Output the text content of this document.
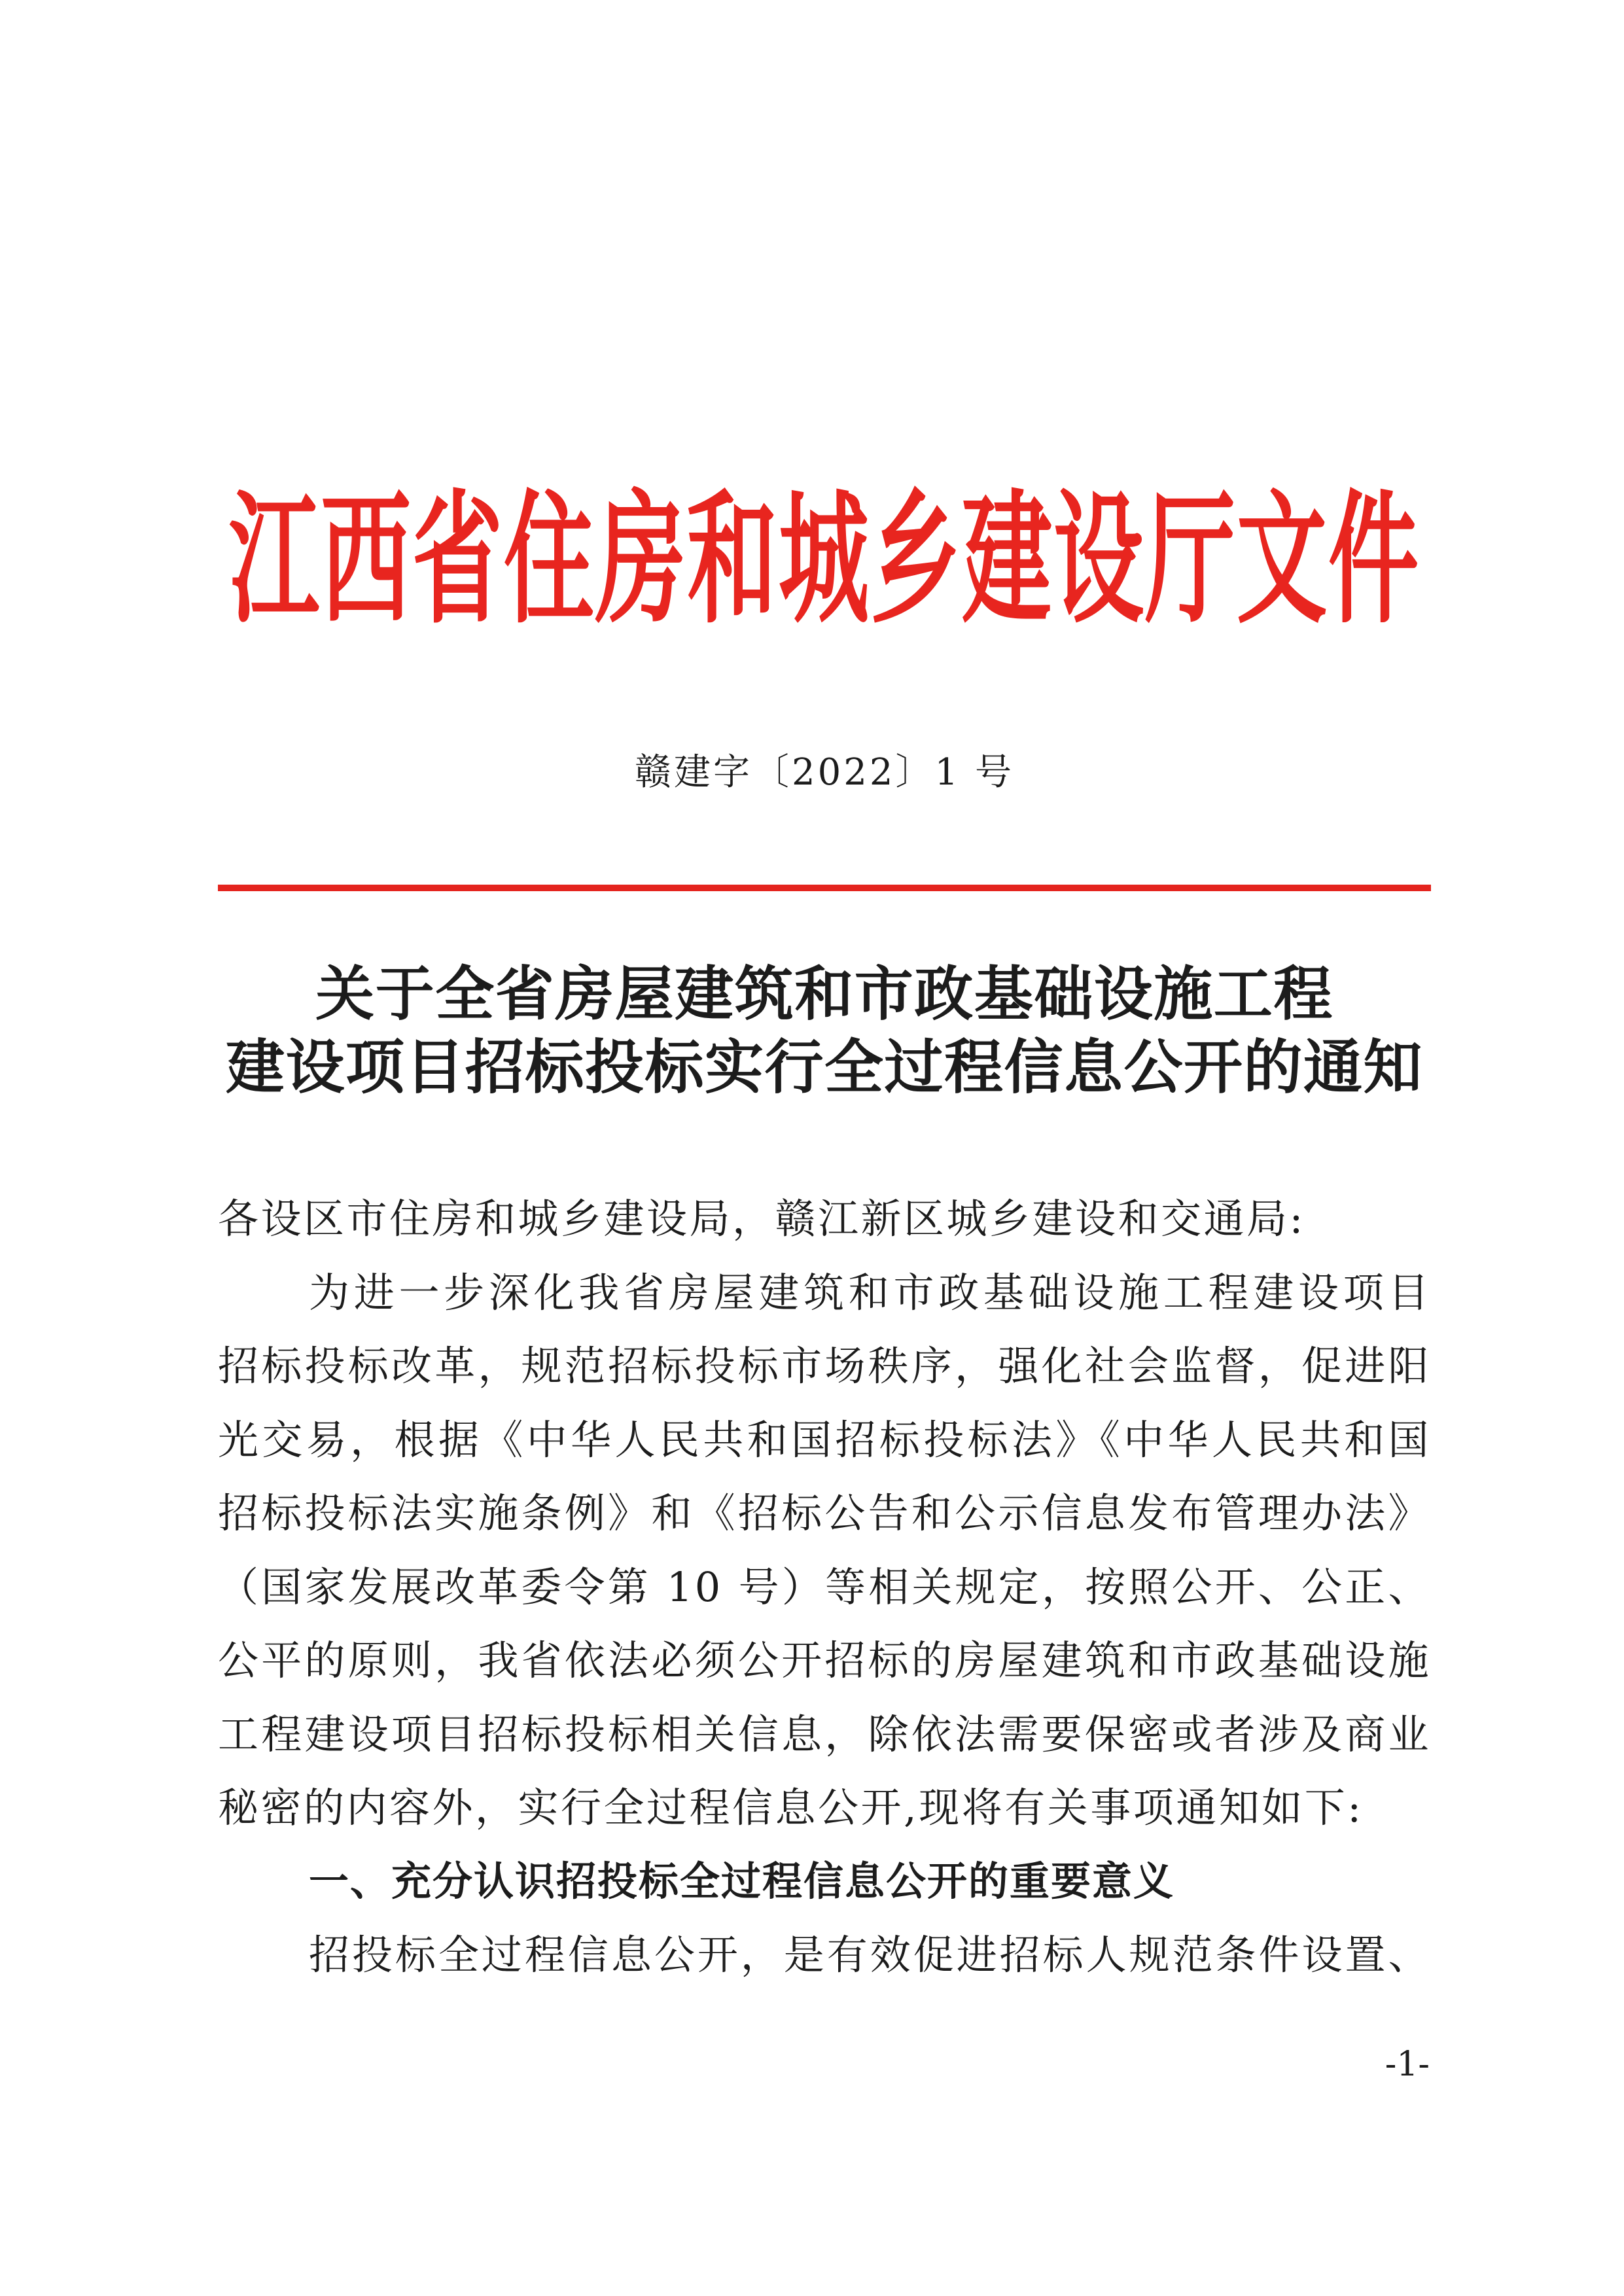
江西省住房和城乡建设厅文件
赣建字〔2022〕1 号
关于全省房屋建筑和市政基础设施工程
建设项目招标投标实行全过程信息公开的通知
各设区市住房和城乡建设局，赣江新区城乡建设和交通局:
为进一步深化我省房屋建筑和市政基础设施工程建设项目
招标投标改革，规范招标投标市场秩序，强化社会监督，促进阳
光交易，根据《中华人民共和国招标投标法》《中华人民共和国
招标投标法实施条例》和《招标公告和公示信息发布管理办法》
（国家发展改革委令第 10 号）等相关规定，按照公开、公正、
公平的原则，我省依法必须公开招标的房屋建筑和市政基础设施
工程建设项目招标投标相关信息，除依法需要保密或者涉及商业
秘密的内容外，实行全过程信息公开,现将有关事项通知如下:
一、充分认识招投标全过程信息公开的重要意义
招投标全过程信息公开，是有效促进招标人规范条件设置、
-1-
